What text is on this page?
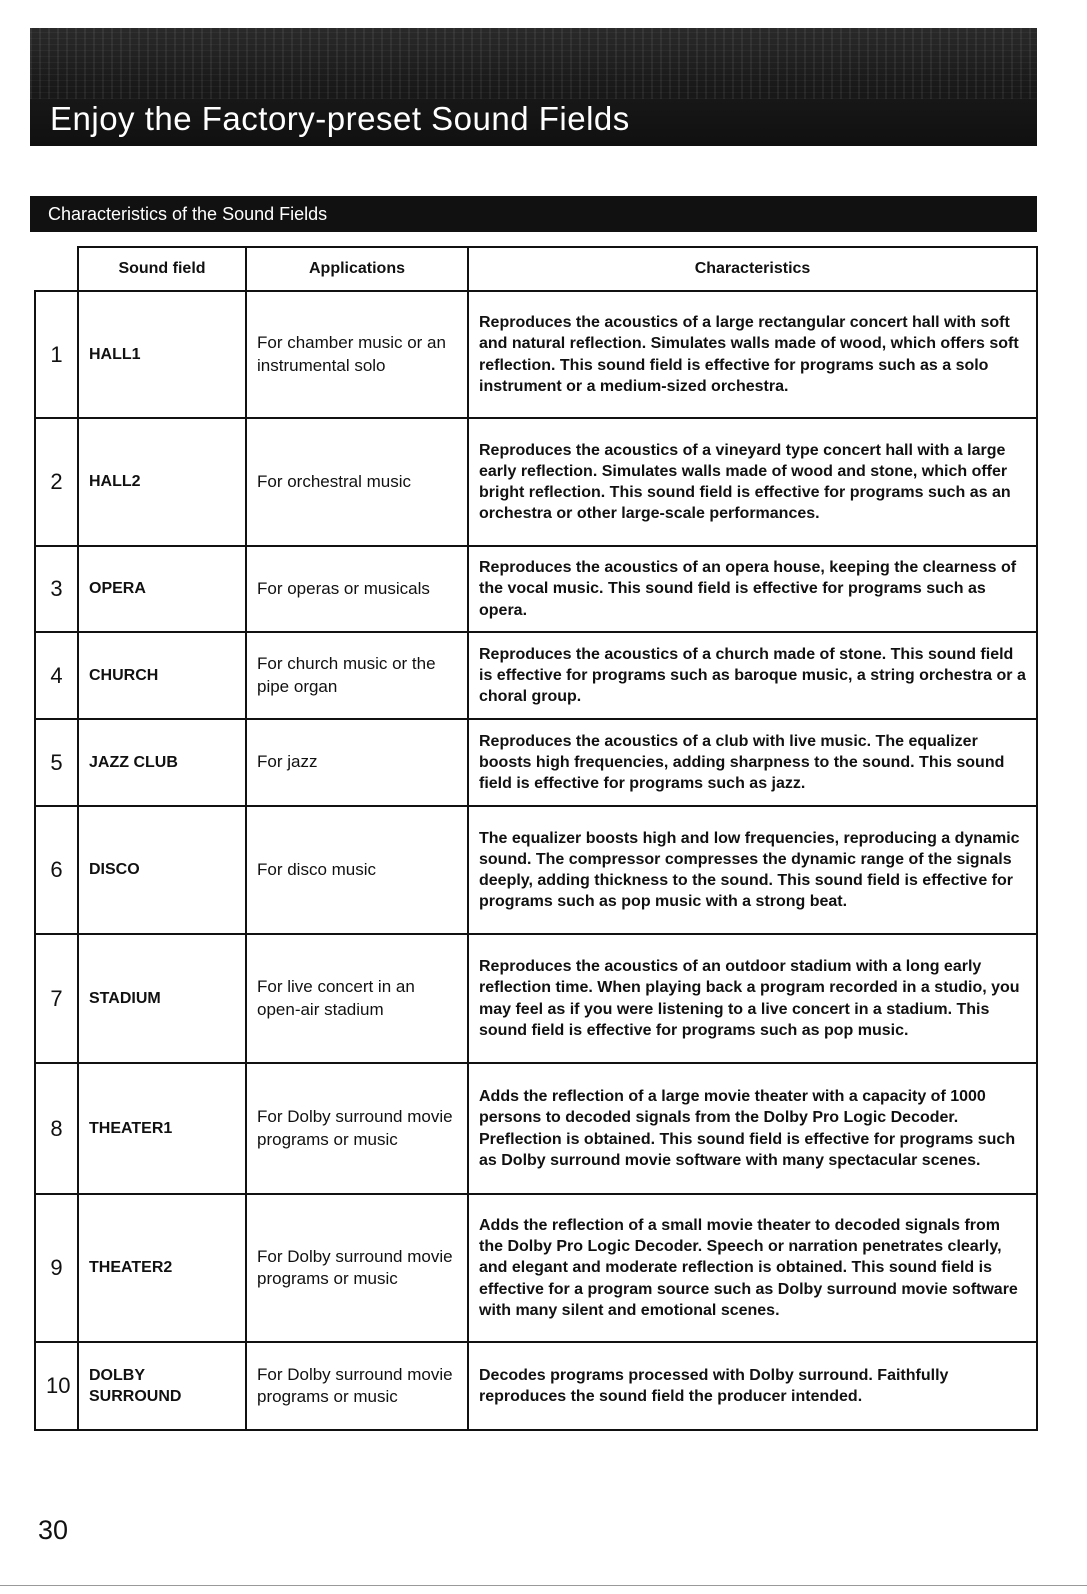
Enjoy the Factory-preset Sound Fields
Characteristics of the Sound Fields
	Sound field	Applications	Characteristics
1	HALL1	For chamber music or an instrumental solo	Reproduces the acoustics of a large rectangular concert hall with soft and natural reflection. Simulates walls made of wood, which offers soft reflection. This sound field is effective for programs such as a solo instrument or a medium-sized orchestra.
2	HALL2	For orchestral music	Reproduces the acoustics of a vineyard type concert hall with a large early reflection. Simulates walls made of wood and stone, which offer bright reflection. This sound field is effective for programs such as an orchestra or other large-scale performances.
3	OPERA	For operas or musicals	Reproduces the acoustics of an opera house, keeping the clearness of the vocal music. This sound field is effective for programs such as opera.
4	CHURCH	For church music or the pipe organ	Reproduces the acoustics of a church made of stone. This sound field is effective for programs such as baroque music, a string orchestra or a choral group.
5	JAZZ CLUB	For jazz	Reproduces the acoustics of a club with live music. The equalizer boosts high frequencies, adding sharpness to the sound. This sound field is effective for programs such as jazz.
6	DISCO	For disco music	The equalizer boosts high and low frequencies, reproducing a dynamic sound. The compressor compresses the dynamic range of the signals deeply, adding thickness to the sound. This sound field is effective for programs such as pop music with a strong beat.
7	STADIUM	For live concert in an open-air stadium	Reproduces the acoustics of an outdoor stadium with a long early reflection time. When playing back a program recorded in a studio, you may feel as if you were listening to a live concert in a stadium. This sound field is effective for programs such as pop music.
8	THEATER1	For Dolby surround movie programs or music	Adds the reflection of a large movie theater with a capacity of 1000 persons to decoded signals from the Dolby Pro Logic Decoder. Preflection is obtained. This sound field is effective for programs such as Dolby surround movie software with many spectacular scenes.
9	THEATER2	For Dolby surround movie programs or music	Adds the reflection of a small movie theater to decoded signals from the Dolby Pro Logic Decoder. Speech or narration penetrates clearly, and elegant and moderate reflection is obtained. This sound field is effective for a program source such as Dolby surround movie software with many silent and emotional scenes.
10	DOLBY SURROUND	For Dolby surround movie programs or music	Decodes programs processed with Dolby surround. Faithfully reproduces the sound field the producer intended.
30
